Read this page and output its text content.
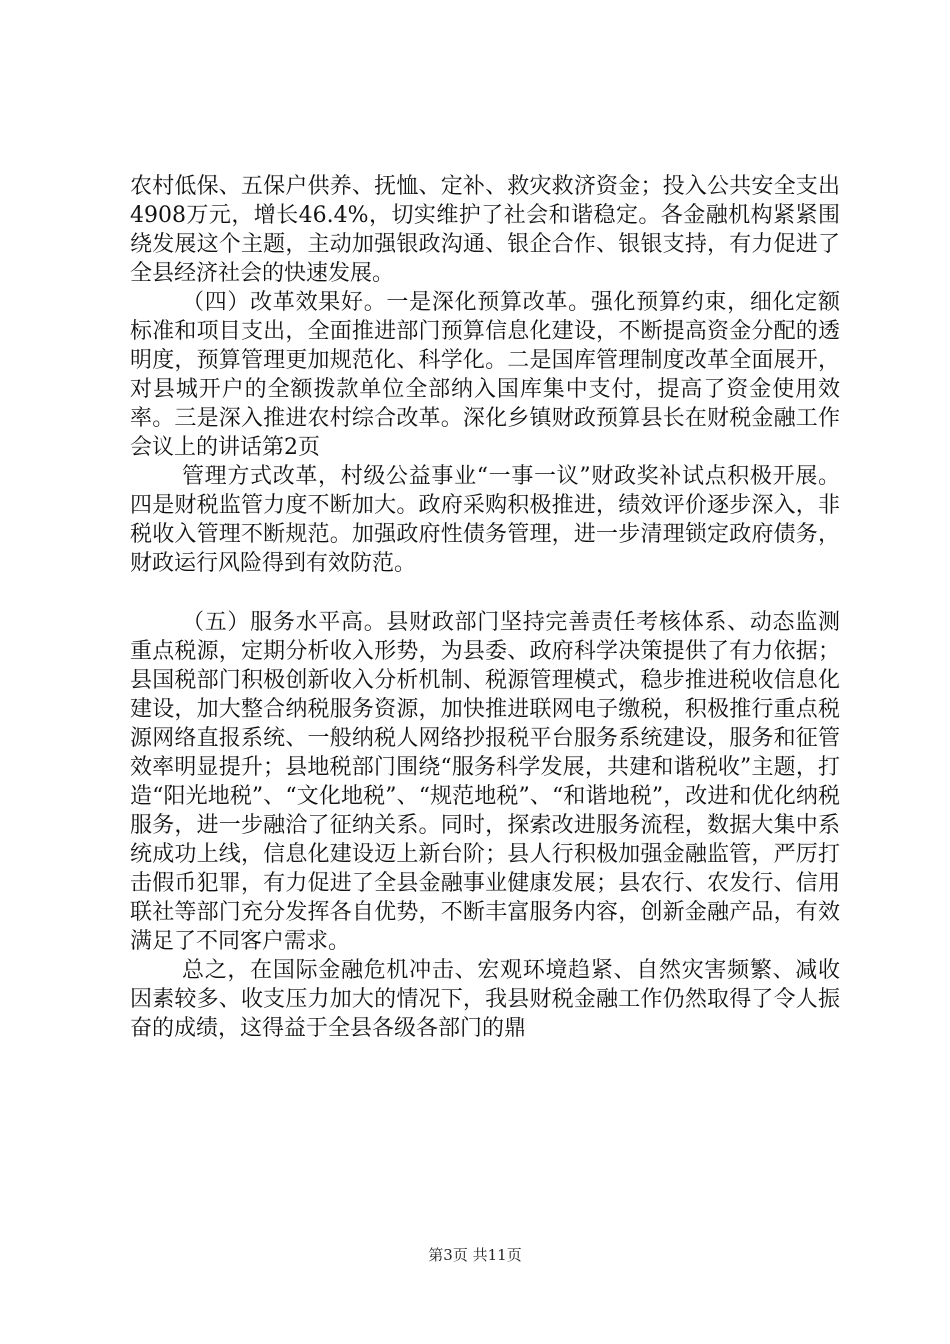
农村低保、五保户供养、抚恤、定补、救灾救济资金；投入公共安全支出4908万元，增长46.4%，切实维护了社会和谐稳定。各金融机构紧紧围绕发展这个主题，主动加强银政沟通、银企合作、银银支持，有力促进了全县经济社会的快速发展。

（四）改革效果好。一是深化预算改革。强化预算约束，细化定额标准和项目支出，全面推进部门预算信息化建设，不断提高资金分配的透明度，预算管理更加规范化、科学化。二是国库管理制度改革全面展开，对县城开户的全额拨款单位全部纳入国库集中支付，提高了资金使用效率。三是深入推进农村综合改革。深化乡镇财政预算县长在财税金融工作会议上的讲话第2页

管理方式改革，村级公益事业“一事一议”财政奖补试点积极开展。四是财税监管力度不断加大。政府采购积极推进，绩效评价逐步深入，非税收入管理不断规范。加强政府性债务管理，进一步清理锁定政府债务，财政运行风险得到有效防范。

（五）服务水平高。县财政部门坚持完善责任考核体系、动态监测重点税源，定期分析收入形势，为县委、政府科学决策提供了有力依据；县国税部门积极创新收入分析机制、税源管理模式，稳步推进税收信息化建设，加大整合纳税服务资源，加快推进联网电子缴税，积极推行重点税源网络直报系统、一般纳税人网络抄报税平台服务系统建设，服务和征管效率明显提升；县地税部门围绕“服务科学发展，共建和谐税收”主题，打造“阳光地税”、“文化地税”、“规范地税”、“和谐地税”，改进和优化纳税服务，进一步融洽了征纳关系。同时，探索改进服务流程，数据大集中系统成功上线，信息化建设迈上新台阶；县人行积极加强金融监管，严厉打击假币犯罪，有力促进了全县金融事业健康发展；县农行、农发行、信用联社等部门充分发挥各自优势，不断丰富服务内容，创新金融产品，有效满足了不同客户需求。

总之，在国际金融危机冲击、宏观环境趋紧、自然灾害频繁、减收因素较多、收支压力加大的情况下，我县财税金融工作仍然取得了令人振奋的成绩，这得益于全县各级各部门的鼎

第3页 共11页
